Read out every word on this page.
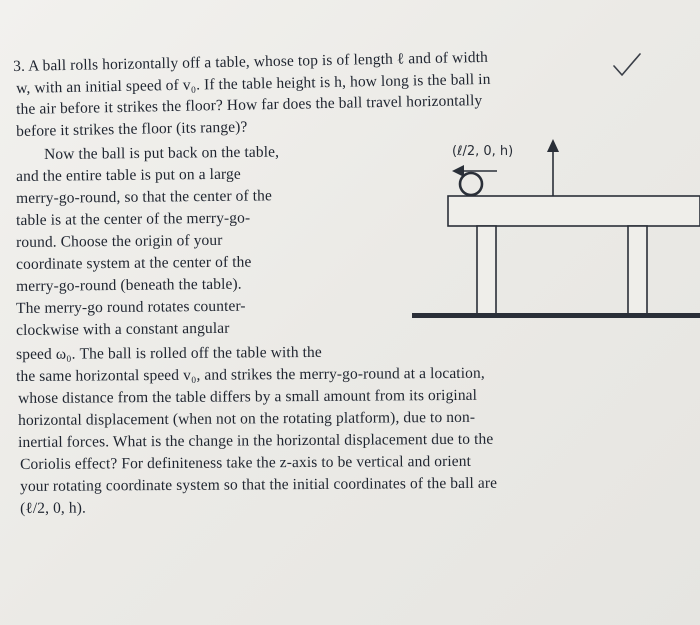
3. A ball rolls horizontally off a table, whose top is of length ℓ and of width
w, with an initial speed of v₀. If the table height is h, how long is the ball in
the air before it strikes the floor? How far does the ball travel horizontally
before it strikes the floor (its range)?
Now the ball is put back on the table,
and the entire table is put on a large
merry-go-round, so that the center of the
table is at the center of the merry-go-
round. Choose the origin of your
coordinate system at the center of the
merry-go-round (beneath the table).
The merry-go round rotates counter-
clockwise with a constant angular
speed ω₀. The ball is rolled off the table with the
the same horizontal speed v₀, and strikes the merry-go-round at a location,
whose distance from the table differs by a small amount from its original
horizontal displacement (when not on the rotating platform), due to non-
inertial forces. What is the change in the horizontal displacement due to the
Coriolis effect? For definiteness take the z-axis to be vertical and orient
your rotating coordinate system so that the initial coordinates of the ball are
(ℓ/2, 0, h).
(ℓ/2, 0, h)
